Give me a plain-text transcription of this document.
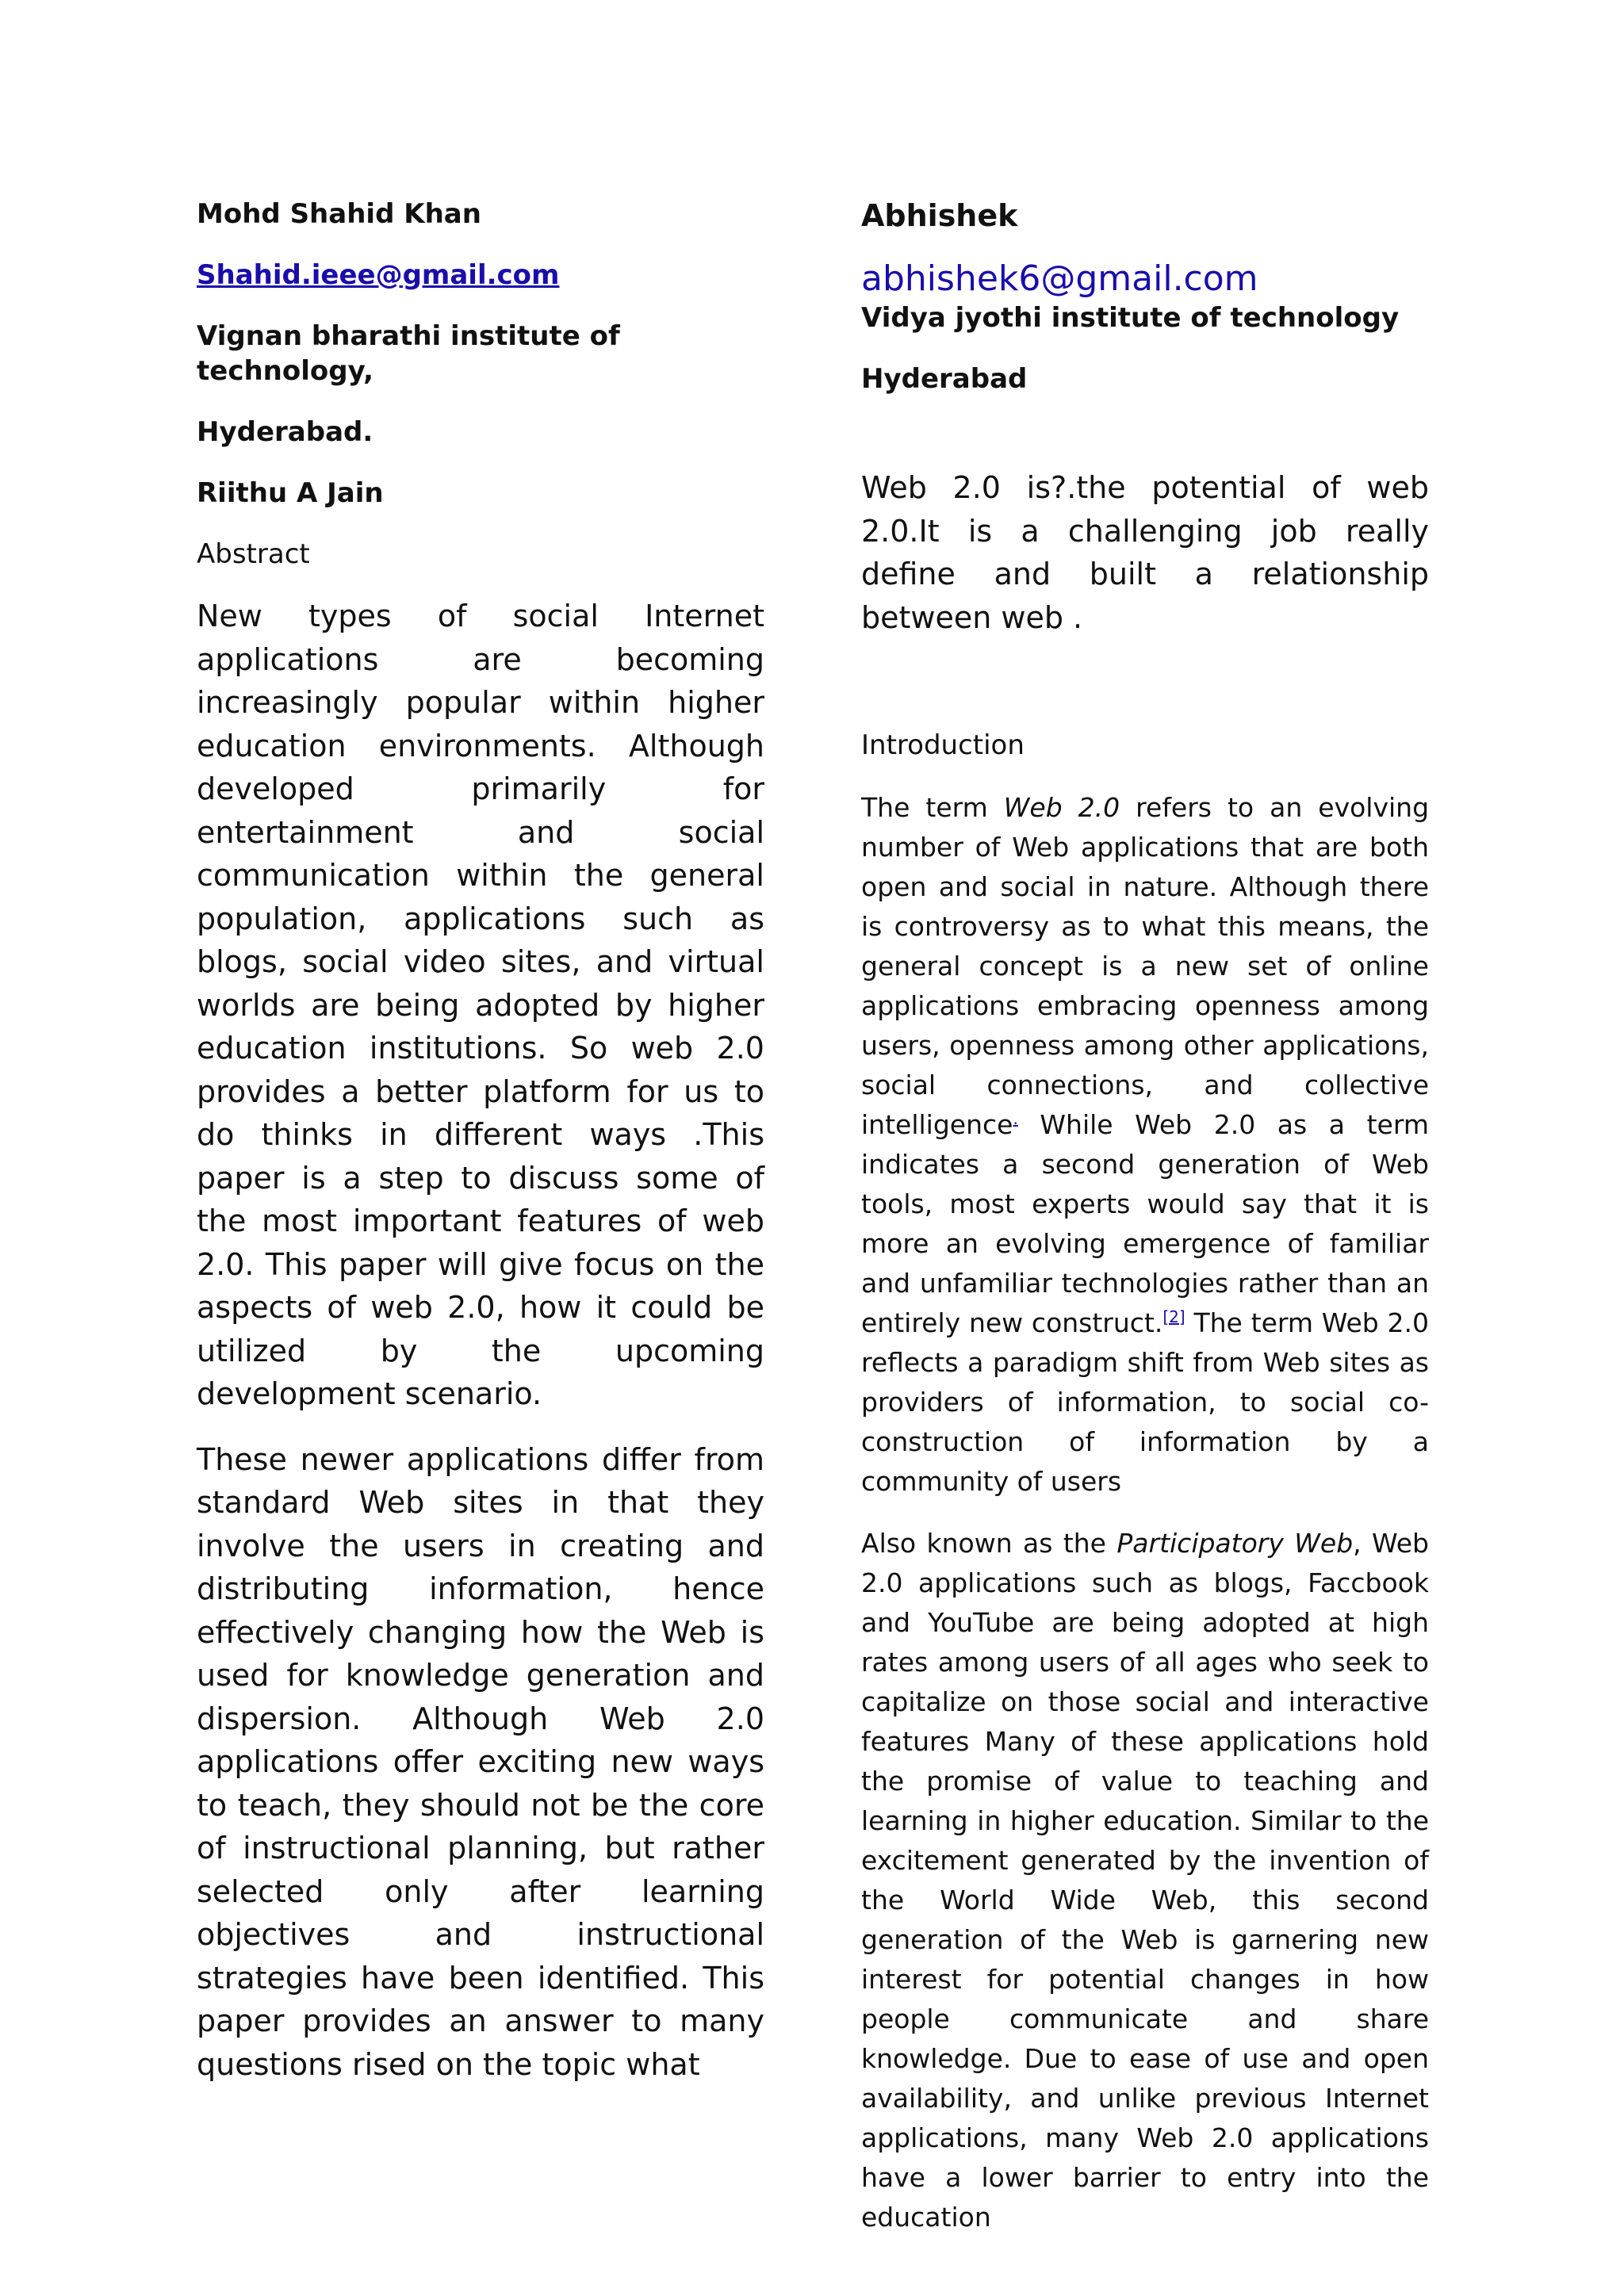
Mohd Shahid Khan

Shahid.ieee@gmail.com

Vignan bharathi institute of technology,

Hyderabad.

Riithu A Jain

Abstract

New types of social Internet applications are becoming increasingly popular within higher education environments. Although developed primarily for entertainment and social communication within the general population, applications such as blogs, social video sites, and virtual worlds are being adopted by higher education institutions. So web 2.0 provides a better platform for us to do thinks in different ways .This paper is a step to discuss some of the most important features of web 2.0. This paper will give focus on the aspects of web 2.0, how it could be utilized by the upcoming development scenario.

These newer applications differ from standard Web sites in that they involve the users in creating and distributing information, hence effectively changing how the Web is used for knowledge generation and dispersion. Although Web 2.0 applications offer exciting new ways to teach, they should not be the core of instructional planning, but rather selected only after learning objectives and instructional strategies have been identified. This paper provides an answer to many questions rised on the topic what

Abhishek

abhishek6@gmail.com

Vidya jyothi institute of technology

Hyderabad

Web 2.0 is?.the potential of web 2.0.It is a challenging job really define and built a relationship between web .

Introduction

The term Web 2.0 refers to an evolving number of Web applications that are both open and social in nature. Although there is controversy as to what this means, the general concept is a new set of online applications embracing openness among users, openness among other applications, social connections, and collective intelligence. While Web 2.0 as a term indicates a second generation of Web tools, most experts would say that it is more an evolving emergence of familiar and unfamiliar technologies rather than an entirely new construct.[2] The term Web 2.0 reflects a paradigm shift from Web sites as providers of information, to social co-construction of information by a community of users

Also known as the Participatory Web, Web 2.0 applications such as blogs, Faccbook and YouTube are being adopted at high rates among users of all ages who seek to capitalize on those social and interactive features Many of these applications hold the promise of value to teaching and learning in higher education. Similar to the excitement generated by the invention of the World Wide Web, this second generation of the Web is garnering new interest for potential changes in how people communicate and share knowledge. Due to ease of use and open availability, and unlike previous Internet applications, many Web 2.0 applications have a lower barrier to entry into the education
